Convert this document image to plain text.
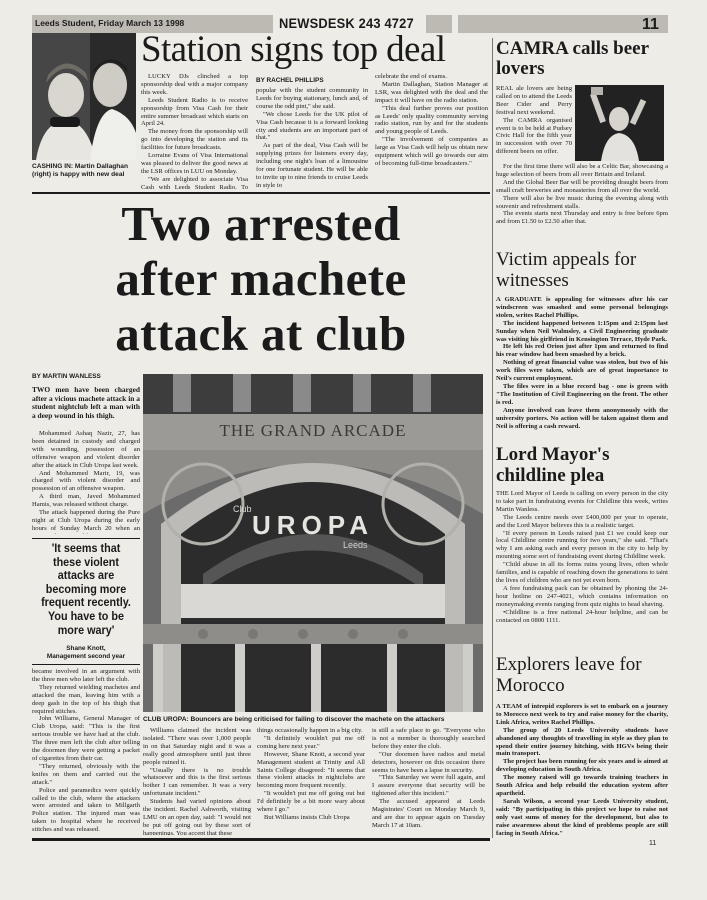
Leeds Student, Friday March 13 1998	NEWSDESK 243 4727	11
CASHING IN: Martin Dallaghan (right) is happy with new deal
Station signs top deal

LUCKY DJs clinched a top sponsorship deal with a major company this week.

Leeds Student Radio is to receive sponsorship from Visa Cash for their entire summer broadcast which starts on April 24.

The money from the sponsorship will go into developing the station and its facilities for future broadcasts.

Lorraine Evans of Visa International was pleased to deliver the good news at the LSR offices in LUU on Monday.

"We are delighted to associate Visa Cash with Leeds Student Radio. To

BY RACHEL PHILLIPS

popular with the student community in Leeds for buying stationary, lunch and, of course the odd pint," she said.

"We chose Leeds for the UK pilot of Visa Cash because it is a forward looking city and students are an important part of that."

As part of the deal, Visa Cash will be supplying prizes for listeners every day, including one night's loan of a limousine for one fortunate student. He will be able to invite up to nine friends to cruise Leeds in style to

celebrate the end of exams.

Martin Dallaghan, Station Manager at LSR, was delighted with the deal and the impact it will have on the radio station.

"This deal further proves our position as Leeds' only quality community serving radio station, run by and for the students and young people of Leeds.

"The involvement of companies as large as Visa Cash will help us obtain new equipment which will go towards our aim of becoming full-time broadcasters."

Two arrested
after machete
attack at club
BY MARTIN WANLESS
TWO men have been charged after a vicious machete attack in a student nightclub left a man with a deep wound in his thigh.

Mohammed Ashaq Nazir, 27, has been detained in custody and charged with wounding, possession of an offensive weapon and violent disorder after the attack in Club Uropa last week.

And Mohammed Marir, 19, was charged with violent disorder and possession of an offensive weapon.

A third man, Javed Mohammed Hamis, was released without charge.

The attack happened during the Pure night at Club Uropa during the early hours of Sunday March 20 when an

'It seems that these violent attacks are becoming more frequent recently. You have to be more wary'
Shane Knott,
Management second year

became involved in an argument with the three men who later left the club.

They returned wielding machetes and attacked the man, leaving him with a deep gash in the top of his thigh that required stitches.

John Williams, General Manager of Club Uropa, said: "This is the first serious trouble we have had at the club. The three men left the club after telling the doormen they were getting a packet of cigarettes from their car.

"They returned, obviously with the knifes on them and carried out the attack."

Police and paramedics were quickly called to the club, where the attackers were arrested and taken to Millgarth Police station. The injured man was taken to hospital where he received stitches and was released.

THE GRAND ARCADE
Club
UROPA
Leeds
CLUB UROPA: Bouncers are being criticised for failing to discover the machete on the attackers

Williams claimed the incident was isolated. "There was over 1,000 people in on that Saturday night and it was a really good atmosphere until just three people ruined it.

"Usually there is no trouble whatsoever and this is the first serious bother I can remember. It was a very unfortunate incident."

Students had varied opinions about the incident. Rachel Ashworth, visiting LMU on an open day, said: "I would not be put off going out by these sort of happenings. You accept that these

things occasionally happen in a big city.

"It definitely wouldn't put me off coming here next year."

However, Shane Knott, a second year Management student at Trinity and All Saints College disagreed: "It seems that these violent attacks in nightclubs are becoming more frequent recently.

"It wouldn't put me off going out but I'd definitely be a bit more wary about where I go."

But Williams insists Club Uropa

is still a safe place to go. "Everyone who is not a member is thoroughly searched before they enter the club.

"Our doormen have radios and metal detectors, however on this occasion there seems to have been a lapse in security.

"This Saturday we were full again, and I assure everyone that security will be tightened after this incident."

The accused appeared at Leeds Magistrates' Court on Monday March 9, and are due to appear again on Tuesday March 17 at 10am.

CAMRA calls beer lovers

REAL ale lovers are being called on to attend the Leeds Beer Cider and Perry festival next weekend.

The CAMRA organised event is to be held at Pudsey Civic Hall for the fifth year in succession with over 70 different beers on offer.

For the first time there will also be a Celtic Bar, showcasing a huge selection of beers from all over Britain and Ireland.

And the Global Beer Bar will be providing draught beers from small craft breweries and monasteries from all over the world.

There will also be live music during the evening along with souvenir and refreshment stalls.

The events starts next Thursday and entry is free before 6pm and from £1.50 to £2.50 after that.

Victim appeals for witnesses

A GRADUATE is appealing for witnesses after his car windscreen was smashed and some personal belongings stolen, writes Rachel Phillips.

The incident happened between 1:15pm and 2:15pm last Sunday when Neil Walmsley, a Civil Engineering graduate was visiting his girlfriend in Kensington Terrace, Hyde Park.

He left his red Orion just after 1pm and returned to find his rear window had been smashed by a brick.

Nothing of great financial value was stolen, but two of his work files were taken, which are of great importance to Neil's current employment.

The files were in a blue record bag - one is green with "The Institution of Civil Engineering on the front. The other is red.

Anyone involved can leave them anonymously with the university porters. No action will be taken against them and Neil is offering a cash reward.

Lord Mayor's childline plea

THE Lord Mayor of Leeds is calling on every person in the city to take part in fundraising events for Childline this week, writes Martin Wanless.

The Leeds centre needs over £400,000 per year to operate, and the Lord Mayor believes this is a realistic target.

"If every person in Leeds raised just £1 we could keep our local Childline centre running for two years," she said. "That's why I am asking each and every person in the city to help by mounting some sort of fundraising event during Childline week.

"Child abuse in all its forms ruins young lives, often whole families, and is capable of reaching down the generations to taint the lives of children who are not yet even born.

A free fundraising pack can be obtained by phoning the 24-hour hotline on 247-4021, which contains information on moneymaking events ranging from quiz nights to head shaving.

•Childline is a free national 24-hour helpline, and can be contacted on 0800 1111.

Explorers leave for Morocco

A TEAM of intrepid explorers is set to embark on a journey to Morocco next week to try and raise money for the charity, Link Africa, writes Rachel Phillips.

The group of 20 Leeds University students have abandoned any thoughts of travelling in style as they plan to spend their entire journey hitching, with HGVs being their main transport.

The project has been running for six years and is aimed at developing education in South Africa.

The money raised will go towards training teachers in South Africa and help rebuild the education system after apartheid.

Sarah Wilson, a second year Leeds University student, said: "By participating in this project we hope to raise not only vast sums of money for the development, but also to raise awareness about the kind of problems people are still facing in South Africa."

11
